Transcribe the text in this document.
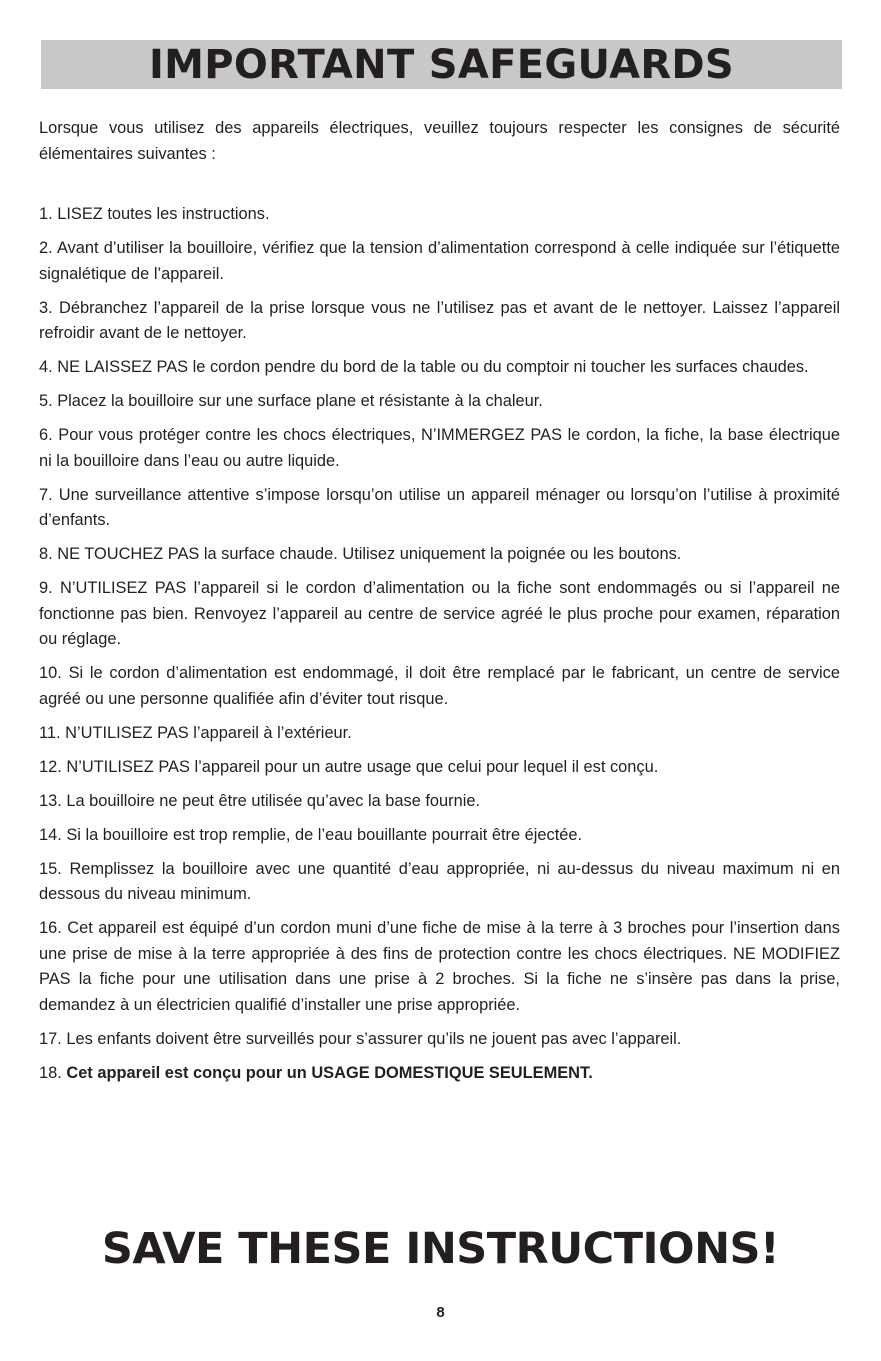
IMPORTANT SAFEGUARDS

Lorsque vous utilisez des appareils électriques, veuillez toujours respecter les consignes de sécurité élémentaires suivantes :

1. LISEZ toutes les instructions.
2. Avant d’utiliser la bouilloire, vérifiez que la tension d’alimentation correspond à celle indiquée sur l’étiquette signalétique de l’appareil.
3. Débranchez l’appareil de la prise lorsque vous ne l’utilisez pas et avant de le nettoyer. Laissez l’appareil refroidir avant de le nettoyer.
4. NE LAISSEZ PAS le cordon pendre du bord de la table ou du comptoir ni toucher les surfaces chaudes.
5. Placez la bouilloire sur une surface plane et résistante à la chaleur.
6. Pour vous protéger contre les chocs électriques, N’IMMERGEZ PAS le cordon, la fiche, la base électrique ni la bouilloire dans l’eau ou autre liquide.
7. Une surveillance attentive s’impose lorsqu’on utilise un appareil ménager ou lorsqu’on l’utilise à proximité d’enfants.
8. NE TOUCHEZ PAS la surface chaude. Utilisez uniquement la poignée ou les boutons.
9. N’UTILISEZ PAS l’appareil si le cordon d’alimentation ou la fiche sont endommagés ou si l’appareil ne fonctionne pas bien. Renvoyez l’appareil au centre de service agréé le plus proche pour examen, réparation ou réglage.
10. Si le cordon d’alimentation est endommagé, il doit être remplacé par le fabricant, un centre de service agréé ou une personne qualifiée afin d’éviter tout risque.
11. N’UTILISEZ PAS l’appareil à l’extérieur.
12. N’UTILISEZ PAS l’appareil pour un autre usage que celui pour lequel il est conçu.
13. La bouilloire ne peut être utilisée qu’avec la base fournie.
14. Si la bouilloire est trop remplie, de l’eau bouillante pourrait être éjectée.
15. Remplissez la bouilloire avec une quantité d’eau appropriée, ni au-dessus du niveau maximum ni en dessous du niveau minimum.
16. Cet appareil est équipé d’un cordon muni d’une fiche de mise à la terre à 3 broches pour l’insertion dans une prise de mise à la terre appropriée à des fins de protection contre les chocs électriques. NE MODIFIEZ PAS la fiche pour une utilisation dans une prise à 2 broches. Si la fiche ne s’insère pas dans la prise, demandez à un électricien qualifié d’installer une prise appropriée.
17. Les enfants doivent être surveillés pour s’assurer qu’ils ne jouent pas avec l’appareil.
18. Cet appareil est conçu pour un USAGE DOMESTIQUE SEULEMENT.
SAVE THESE INSTRUCTIONS!
8
